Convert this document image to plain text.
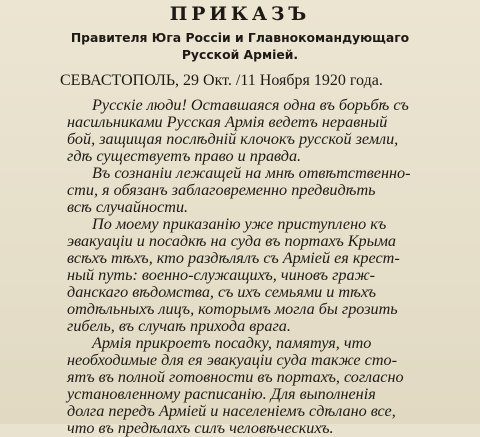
ПРИКАЗЪ
Правителя Юга Россіи и Главнокомандующаго
Русской Арміей.
СЕВАСТОПОЛЬ, 29 Окт. /11 Ноября 1920 года.
Русскіе люди! Оставшаяся одна въ борьбѣ съ
насильниками Русская Армія ведетъ неравный
бой, защищая послѣдній клочокъ русской земли,
гдѣ существуетъ право и правда.
Въ сознаніи лежащей на мнѣ отвѣтственно-
сти, я обязанъ заблаговременно предвидѣть
всѣ случайности.
По моему приказанію уже приступлено къ
эвакуаціи и посадкѣ на суда въ портахъ Крыма
всѣхъ тѣхъ, кто раздѣлялъ съ Арміей ея крест-
ный путь: военно-служащихъ, чиновъ граж-
данскаго вѣдомства, съ ихъ семьями и тѣхъ
отдѣльныхъ лицъ, которымъ могла бы грозить
гибель, въ случаѣ прихода врага.
Армія прикроетъ посадку, памятуя, что
необходимые для ея эвакуаціи суда также сто-
ятъ въ полной готовности въ портахъ, согласно
установленному расписанію. Для выполненія
долга передъ Арміей и населеніемъ сдѣлано все,
что въ предѣлахъ силъ человѣческихъ.
